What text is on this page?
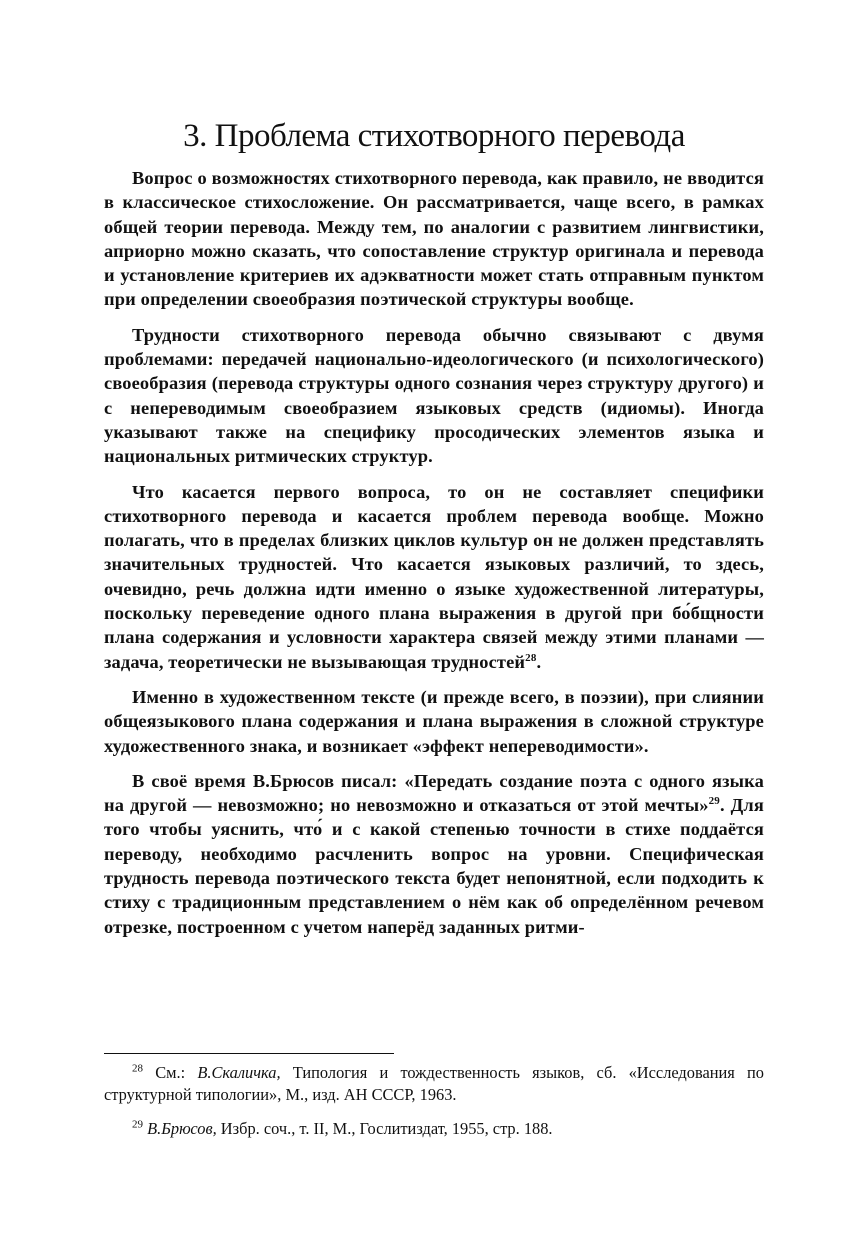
3. Проблема стихотворного перевода

Вопрос о возможностях стихотворного перевода, как правило, не вводится в классическое стихосложение. Он рассматривается, чаще всего, в рамках общей теории перевода. Между тем, по аналогии с развитием лингвистики, априорно можно сказать, что сопоставление структур оригинала и перевода и установление критериев их адэкватности может стать отправным пунктом при определении своеобразия поэтической структуры вообще.

Трудности стихотворного перевода обычно связывают с двумя проблемами: передачей национально-идеологического (и психологического) своеобразия (перевода структуры одного сознания через структуру другого) и с непереводимым своеобразием языковых средств (идиомы). Иногда указывают также на специфику просодических элементов языка и национальных ритмических структур.

Что касается первого вопроса, то он не составляет специфики стихотворного перевода и касается проблем перевода вообще. Можно полагать, что в пределах близких циклов культур он не должен представлять значительных трудностей. Что касается языковых различий, то здесь, очевидно, речь должна идти именно о языке художественной литературы, поскольку переведение одного плана выражения в другой при бо́бщности плана содержания и условности характера связей между этими планами — задача, теоретически не вызывающая трудностей$^{28}$.

Именно в художественном тексте (и прежде всего, в поэзии), при слиянии общеязыкового плана содержания и плана выражения в сложной структуре художественного знака, и возникает «эффект непереводимости».

В своё время В.Брюсов писал: «Передать создание поэта с одного языка на другой — невозможно; но невозможно и отказаться от этой мечты»$^{29}$. Для того чтобы уяснить, что́ и с какой степенью точности в стихе поддаётся переводу, необходимо расчленить вопрос на уровни. Специфическая трудность перевода поэтического текста будет непонятной, если подходить к стиху с традиционным представлением о нём как об определённом речевом отрезке, построенном с учетом наперёд заданных ритми-

$^{28}$ См.: В.Скаличка, Типология и тождественность языков, сб. «Исследования по структурной типологии», М., изд. АН СССР, 1963.

$^{29}$ В.Брюсов, Избр. соч., т. II, М., Гослитиздат, 1955, стр. 188.
